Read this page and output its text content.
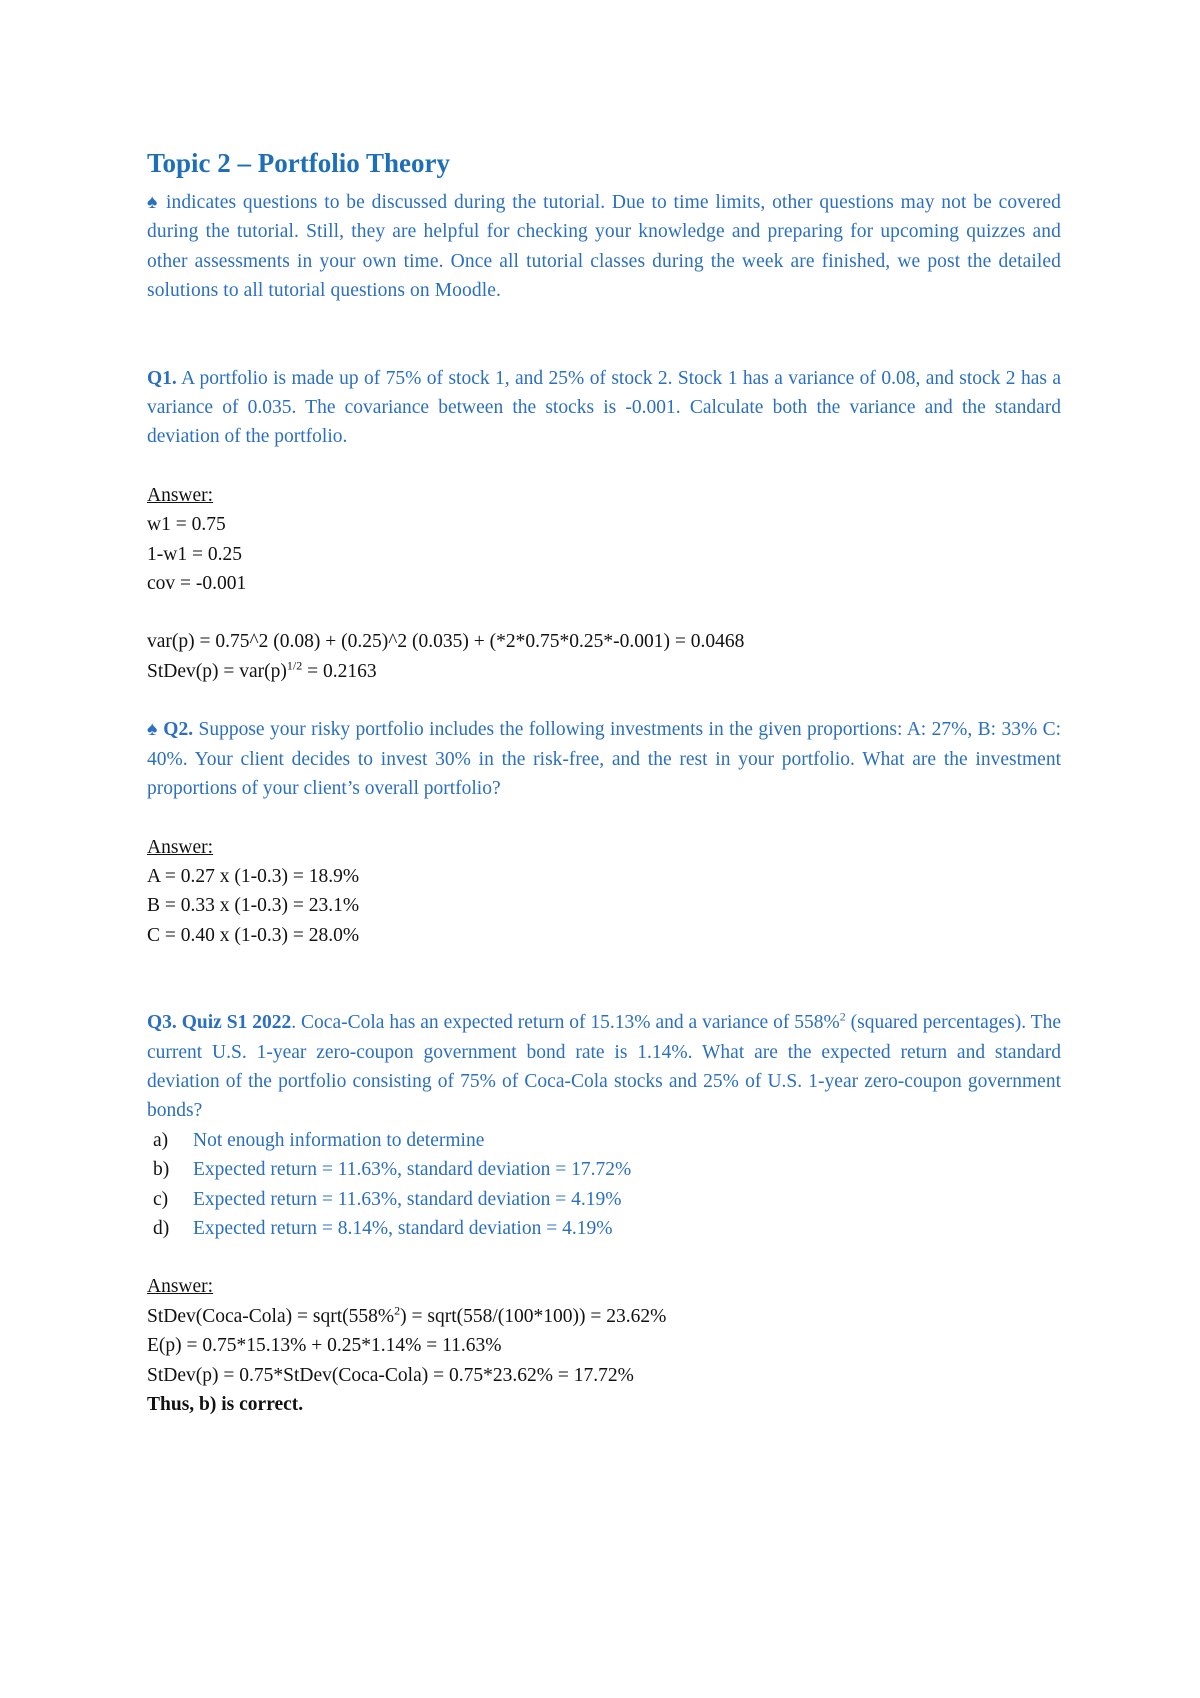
Topic 2 – Portfolio Theory

♠ indicates questions to be discussed during the tutorial. Due to time limits, other questions may not be covered during the tutorial. Still, they are helpful for checking your knowledge and preparing for upcoming quizzes and other assessments in your own time. Once all tutorial classes during the week are finished, we post the detailed solutions to all tutorial questions on Moodle.

Q1. A portfolio is made up of 75% of stock 1, and 25% of stock 2. Stock 1 has a variance of 0.08, and stock 2 has a variance of 0.035. The covariance between the stocks is -0.001. Calculate both the variance and the standard deviation of the portfolio.

Answer:

w1 = 0.75

1-w1 = 0.25

cov = -0.001

var(p) = 0.75^2 (0.08) + (0.25)^2 (0.035) + (*2*0.75*0.25*-0.001) = 0.0468

StDev(p) = $var(p)^{1/2} = 0.2163$

♠ Q2. Suppose your risky portfolio includes the following investments in the given proportions: A: 27%, B: 33% C: 40%. Your client decides to invest 30% in the risk-free, and the rest in your portfolio. What are the investment proportions of your client’s overall portfolio?

Answer:

A = 0.27 x (1-0.3) = 18.9%

B = 0.33 x (1-0.3) = 23.1%

C = 0.40 x (1-0.3) = 28.0%

Q3. Quiz S1 2022. Coca-Cola has an expected return of 15.13% and a variance of 558%$^2$ (squared percentages). The current U.S. 1-year zero-coupon government bond rate is 1.14%. What are the expected return and standard deviation of the portfolio consisting of 75% of Coca-Cola stocks and 25% of U.S. 1-year zero-coupon government bonds?

a)	Not enough information to determine
b)	Expected return = 11.63%, standard deviation = 17.72%
c)	Expected return = 11.63%, standard deviation = 4.19%
d)	Expected return = 8.14%, standard deviation = 4.19%

Answer:

StDev(Coca-Cola) = sqrt(558%$^2$) = sqrt(558/(100*100)) = 23.62%

E(p) = 0.75*15.13% + 0.25*1.14% = 11.63%

StDev(p) = 0.75*StDev(Coca-Cola) = 0.75*23.62% = 17.72%

Thus, b) is correct.
